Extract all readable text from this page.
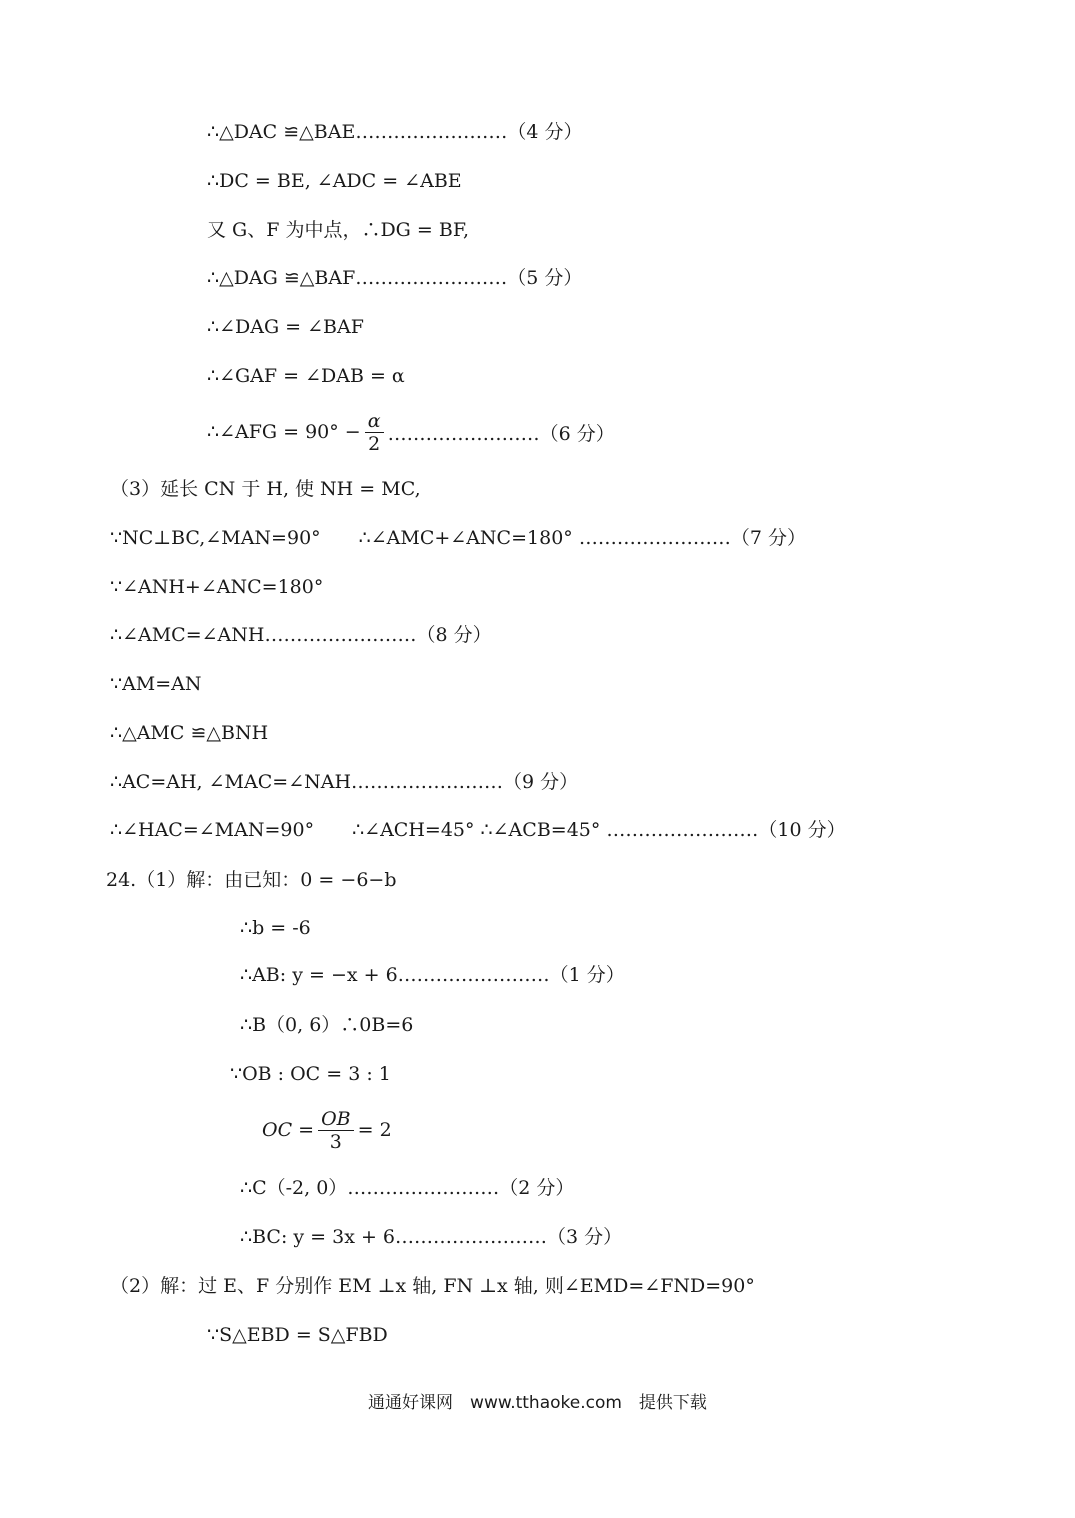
∴△DAC ≌△BAE……………………（4 分）
∴DC = BE, ∠ADC = ∠ABE
又 G、F 为中点，∴DG = BF,
∴△DAG ≌△BAF……………………（5 分）
∴∠DAG = ∠BAF
∴∠GAF = ∠DAB = α
∴∠AFG = $90^\circ - \frac{\alpha}{2}$ ……………………（6 分）
（3）延长 CN 于 H, 使 NH = MC,
∵NC⊥BC,∠MAN=90°　　∴∠AMC+∠ANC=180° ……………………（7 分）
∵∠ANH+∠ANC=180°
∴∠AMC=∠ANH……………………（8 分）
∵AM=AN
∴△AMC ≌△BNH
∴AC=AH, ∠MAC=∠NAH……………………（9 分）
∴∠HAC=∠MAN=90°　　∴∠ACH=45° ∴∠ACB=45° ……………………（10 分）
24.（1）解：由已知：0 = −6−b
∴b = -6
∴AB: y = −x + 6……………………（1 分）
∴B（0, 6）∴0B=6
∵OB : OC = 3 : 1
OC = $\frac{OB}{3} = 2$
∴C（-2, 0）……………………（2 分）
∴BC: y = 3x + 6……………………（3 分）
（2）解：过 E、F 分别作 EM ⊥x 轴, FN ⊥x 轴, 则∠EMD=∠FND=90°
∵S△EBD = S△FBD
通通好课网　www.tthaoke.com　提供下载
